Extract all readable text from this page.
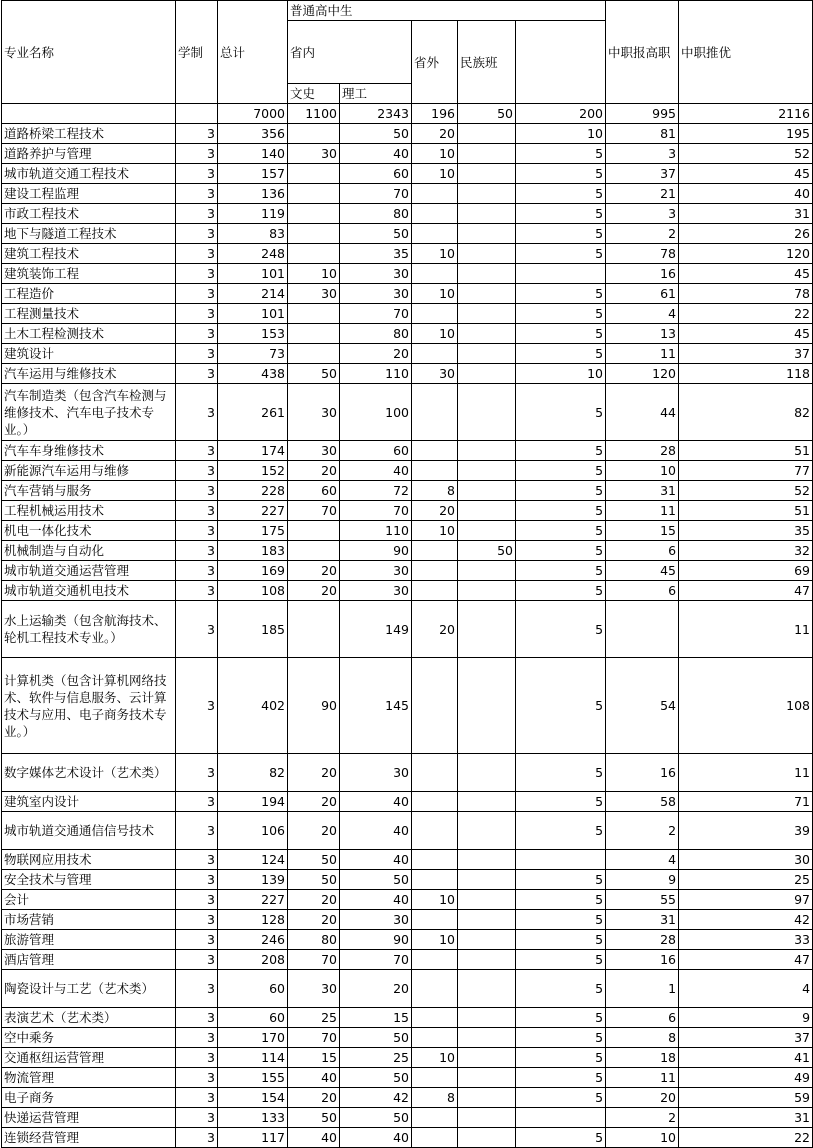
专业名称	学制	总计	普通高中生					中职报高职	中职推优	
			省内		省外	民族班				
			文史	理工						
		7000	1100	2343	196	50	200	995	2116	
道路桥梁工程技术	3	356		50	20		10	81	195	
道路养护与管理	3	140	30	40	10		5	3	52	
城市轨道交通工程技术	3	157		60	10		5	37	45	
建设工程监理	3	136		70			5	21	40	
市政工程技术	3	119		80			5	3	31	
地下与隧道工程技术	3	83		50			5	2	26	
建筑工程技术	3	248		35	10		5	78	120	
建筑装饰工程	3	101	10	30				16	45	
工程造价	3	214	30	30	10		5	61	78	
工程测量技术	3	101		70			5	4	22	
土木工程检测技术	3	153		80	10		5	13	45	
建筑设计	3	73		20			5	11	37	
汽车运用与维修技术	3	438	50	110	30		10	120	118	
汽车制造类（包含汽车检测与维修技术、汽车电子技术专业。）	3	261	30	100			5	44	82	
汽车车身维修技术	3	174	30	60			5	28	51	
新能源汽车运用与维修	3	152	20	40			5	10	77	
汽车营销与服务	3	228	60	72	8		5	31	52	
工程机械运用技术	3	227	70	70	20		5	11	51	
机电一体化技术	3	175		110	10		5	15	35	
机械制造与自动化	3	183		90		50	5	6	32	
城市轨道交通运营管理	3	169	20	30			5	45	69	
城市轨道交通机电技术	3	108	20	30			5	6	47	
水上运输类（包含航海技术、轮机工程技术专业。）	3	185		149	20		5		11	
计算机类（包含计算机网络技术、软件与信息服务、云计算技术与应用、电子商务技术专业。）	3	402	90	145			5	54	108	
数字媒体艺术设计（艺术类）	3	82	20	30			5	16	11	
建筑室内设计	3	194	20	40			5	58	71	
城市轨道交通通信信号技术	3	106	20	40			5	2	39	
物联网应用技术	3	124	50	40				4	30	
安全技术与管理	3	139	50	50			5	9	25	
会计	3	227	20	40	10		5	55	97	
市场营销	3	128	20	30			5	31	42	
旅游管理	3	246	80	90	10		5	28	33	
酒店管理	3	208	70	70			5	16	47	
陶瓷设计与工艺（艺术类）	3	60	30	20			5	1	4	
表演艺术（艺术类）	3	60	25	15			5	6	9	
空中乘务	3	170	70	50			5	8	37	
交通枢纽运营管理	3	114	15	25	10		5	18	41	
物流管理	3	155	40	50			5	11	49	
电子商务	3	154	20	42	8		5	20	59	
快递运营管理	3	133	50	50				2	31	
连锁经营管理	3	117	40	40			5	10	22	
